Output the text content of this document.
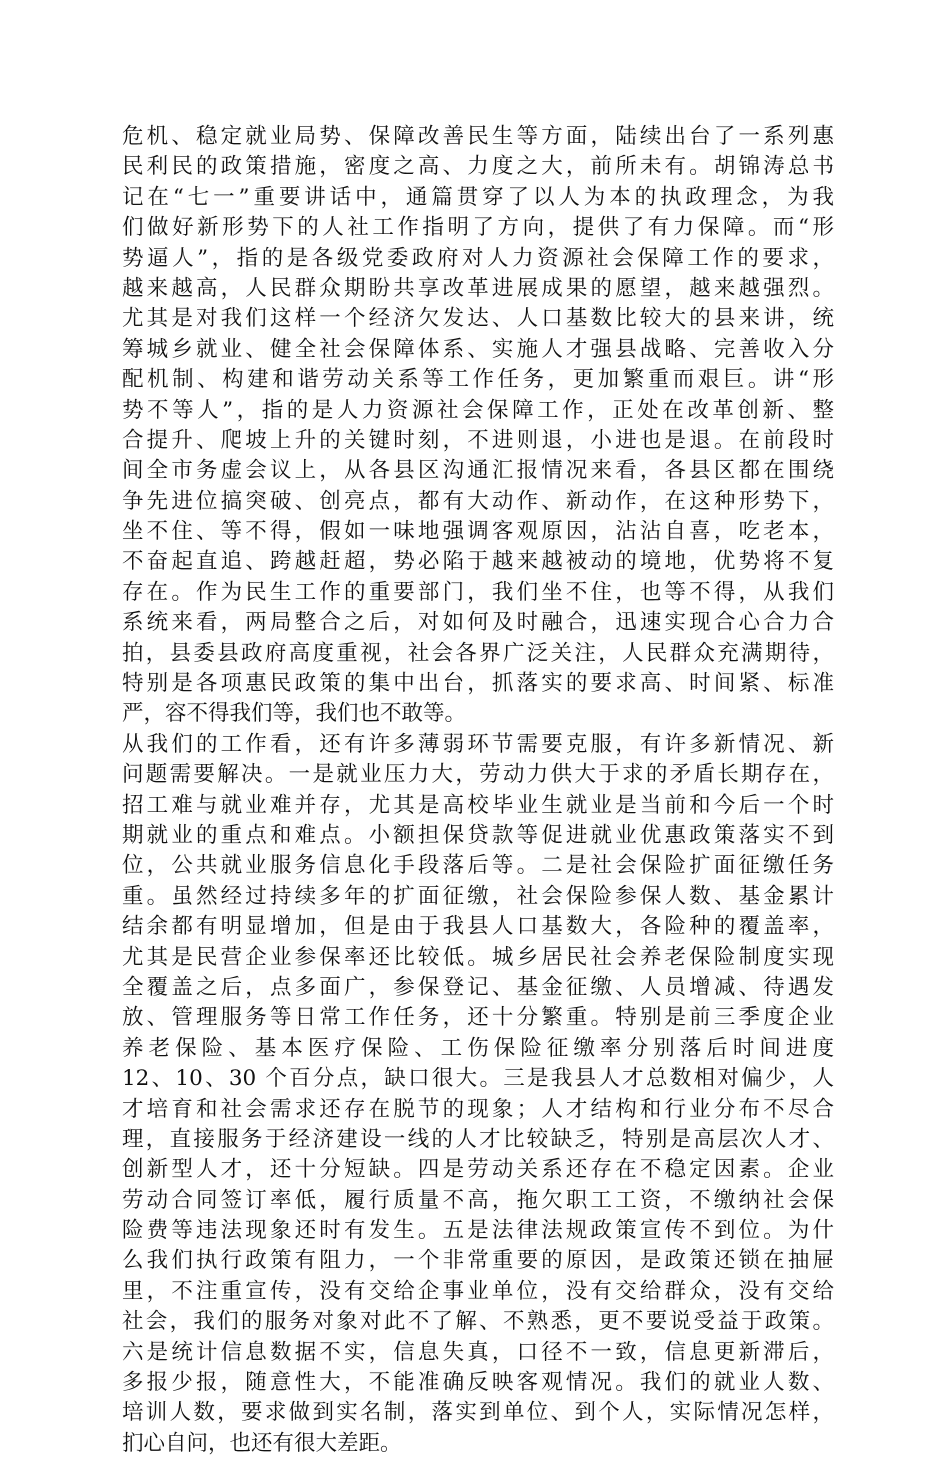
危机、稳定就业局势、保障改善民生等方面，陆续出台了一系列惠
民利民的政策措施，密度之高、力度之大，前所未有。胡锦涛总书
记在“七一”重要讲话中，通篇贯穿了以人为本的执政理念，为我
们做好新形势下的人社工作指明了方向，提供了有力保障。而“形
势逼人”，指的是各级党委政府对人力资源社会保障工作的要求，
越来越高，人民群众期盼共享改革进展成果的愿望，越来越强烈。
尤其是对我们这样一个经济欠发达、人口基数比较大的县来讲，统
筹城乡就业、健全社会保障体系、实施人才强县战略、完善收入分
配机制、构建和谐劳动关系等工作任务，更加繁重而艰巨。讲“形
势不等人”，指的是人力资源社会保障工作，正处在改革创新、整
合提升、爬坡上升的关键时刻，不进则退，小进也是退。在前段时
间全市务虚会议上，从各县区沟通汇报情况来看，各县区都在围绕
争先进位搞突破、创亮点，都有大动作、新动作，在这种形势下，
坐不住、等不得，假如一味地强调客观原因，沾沾自喜，吃老本，
不奋起直追、跨越赶超，势必陷于越来越被动的境地，优势将不复
存在。作为民生工作的重要部门，我们坐不住，也等不得，从我们
系统来看，两局整合之后，对如何及时融合，迅速实现合心合力合
拍，县委县政府高度重视，社会各界广泛关注，人民群众充满期待，
特别是各项惠民政策的集中出台，抓落实的要求高、时间紧、标准
严，容不得我们等，我们也不敢等。
从我们的工作看，还有许多薄弱环节需要克服，有许多新情况、新
问题需要解决。一是就业压力大，劳动力供大于求的矛盾长期存在，
招工难与就业难并存，尤其是高校毕业生就业是当前和今后一个时
期就业的重点和难点。小额担保贷款等促进就业优惠政策落实不到
位，公共就业服务信息化手段落后等。二是社会保险扩面征缴任务
重。虽然经过持续多年的扩面征缴，社会保险参保人数、基金累计
结余都有明显增加，但是由于我县人口基数大，各险种的覆盖率，
尤其是民营企业参保率还比较低。城乡居民社会养老保险制度实现
全覆盖之后，点多面广，参保登记、基金征缴、人员增减、待遇发
放、管理服务等日常工作任务，还十分繁重。特别是前三季度企业
养老保险、基本医疗保险、工伤保险征缴率分别落后时间进度
12、10、30 个百分点，缺口很大。三是我县人才总数相对偏少，人
才培育和社会需求还存在脱节的现象；人才结构和行业分布不尽合
理，直接服务于经济建设一线的人才比较缺乏，特别是高层次人才、
创新型人才，还十分短缺。四是劳动关系还存在不稳定因素。企业
劳动合同签订率低，履行质量不高，拖欠职工工资，不缴纳社会保
险费等违法现象还时有发生。五是法律法规政策宣传不到位。为什
么我们执行政策有阻力，一个非常重要的原因，是政策还锁在抽屉
里，不注重宣传，没有交给企事业单位，没有交给群众，没有交给
社会，我们的服务对象对此不了解、不熟悉，更不要说受益于政策。
六是统计信息数据不实，信息失真，口径不一致，信息更新滞后，
多报少报，随意性大，不能准确反映客观情况。我们的就业人数、
培训人数，要求做到实名制，落实到单位、到个人，实际情况怎样，
扪心自问，也还有很大差距。
